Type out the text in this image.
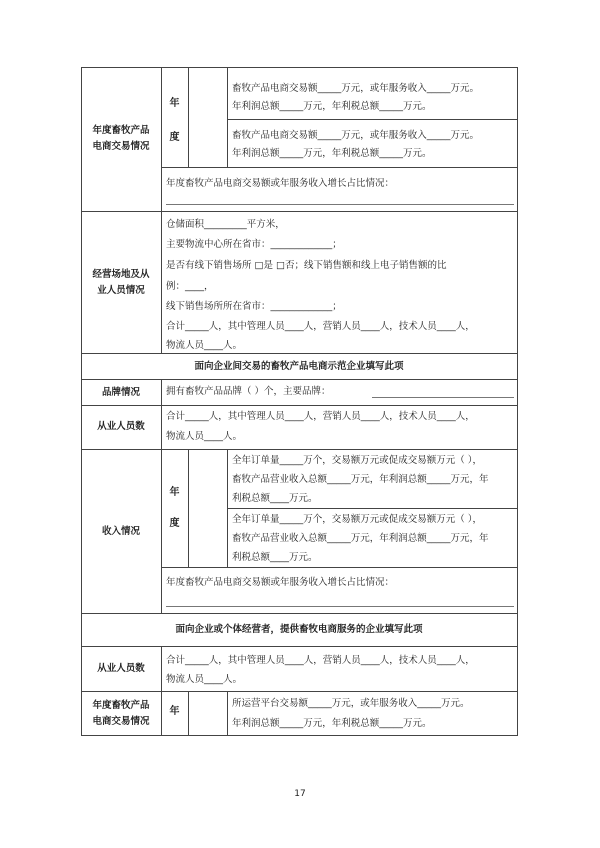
年度畜牧产品
电商交易情况
年
度
畜牧产品电商交易额_____万元，或年服务收入_____万元。
年利润总额_____万元，年利税总额_____万元。
畜牧产品电商交易额_____万元，或年服务收入_____万元。
年利润总额_____万元，年利税总额_____万元。
年度畜牧产品电商交易额或年服务收入增长占比情况：
经营场地及从
业人员情况
仓储面积_________平方米，
主要物流中心所在省市：_____________；
是否有线下销售场所 □是 □否；线下销售额和线上电子销售额的比
例：____，
线下销售场所所在省市：_____________；
合计_____人，其中管理人员____人，营销人员____人，技术人员____人，
物流人员____人。
面向企业间交易的畜牧产品电商示范企业填写此项
品牌情况	拥有畜牧产品品牌（ ）个，主要品牌：
从业人员数
合计_____人，其中管理人员____人，营销人员____人，技术人员____人，
物流人员____人。
收入情况
年
度
全年订单量_____万个，交易额万元或促成交易额万元（ ），
畜牧产品营业收入总额_____万元，年利润总额_____万元，年
利税总额____万元。
全年订单量_____万个，交易额万元或促成交易额万元（ ），
畜牧产品营业收入总额_____万元，年利润总额_____万元，年
利税总额____万元。
年度畜牧产品电商交易额或年服务收入增长占比情况：
面向企业或个体经营者，提供畜牧电商服务的企业填写此项
从业人员数
合计_____人，其中管理人员____人，营销人员____人，技术人员____人，
物流人员____人。
年度畜牧产品
电商交易情况
年
所运营平台交易额_____万元，或年服务收入_____万元。
年利润总额_____万元，年利税总额_____万元。
17
